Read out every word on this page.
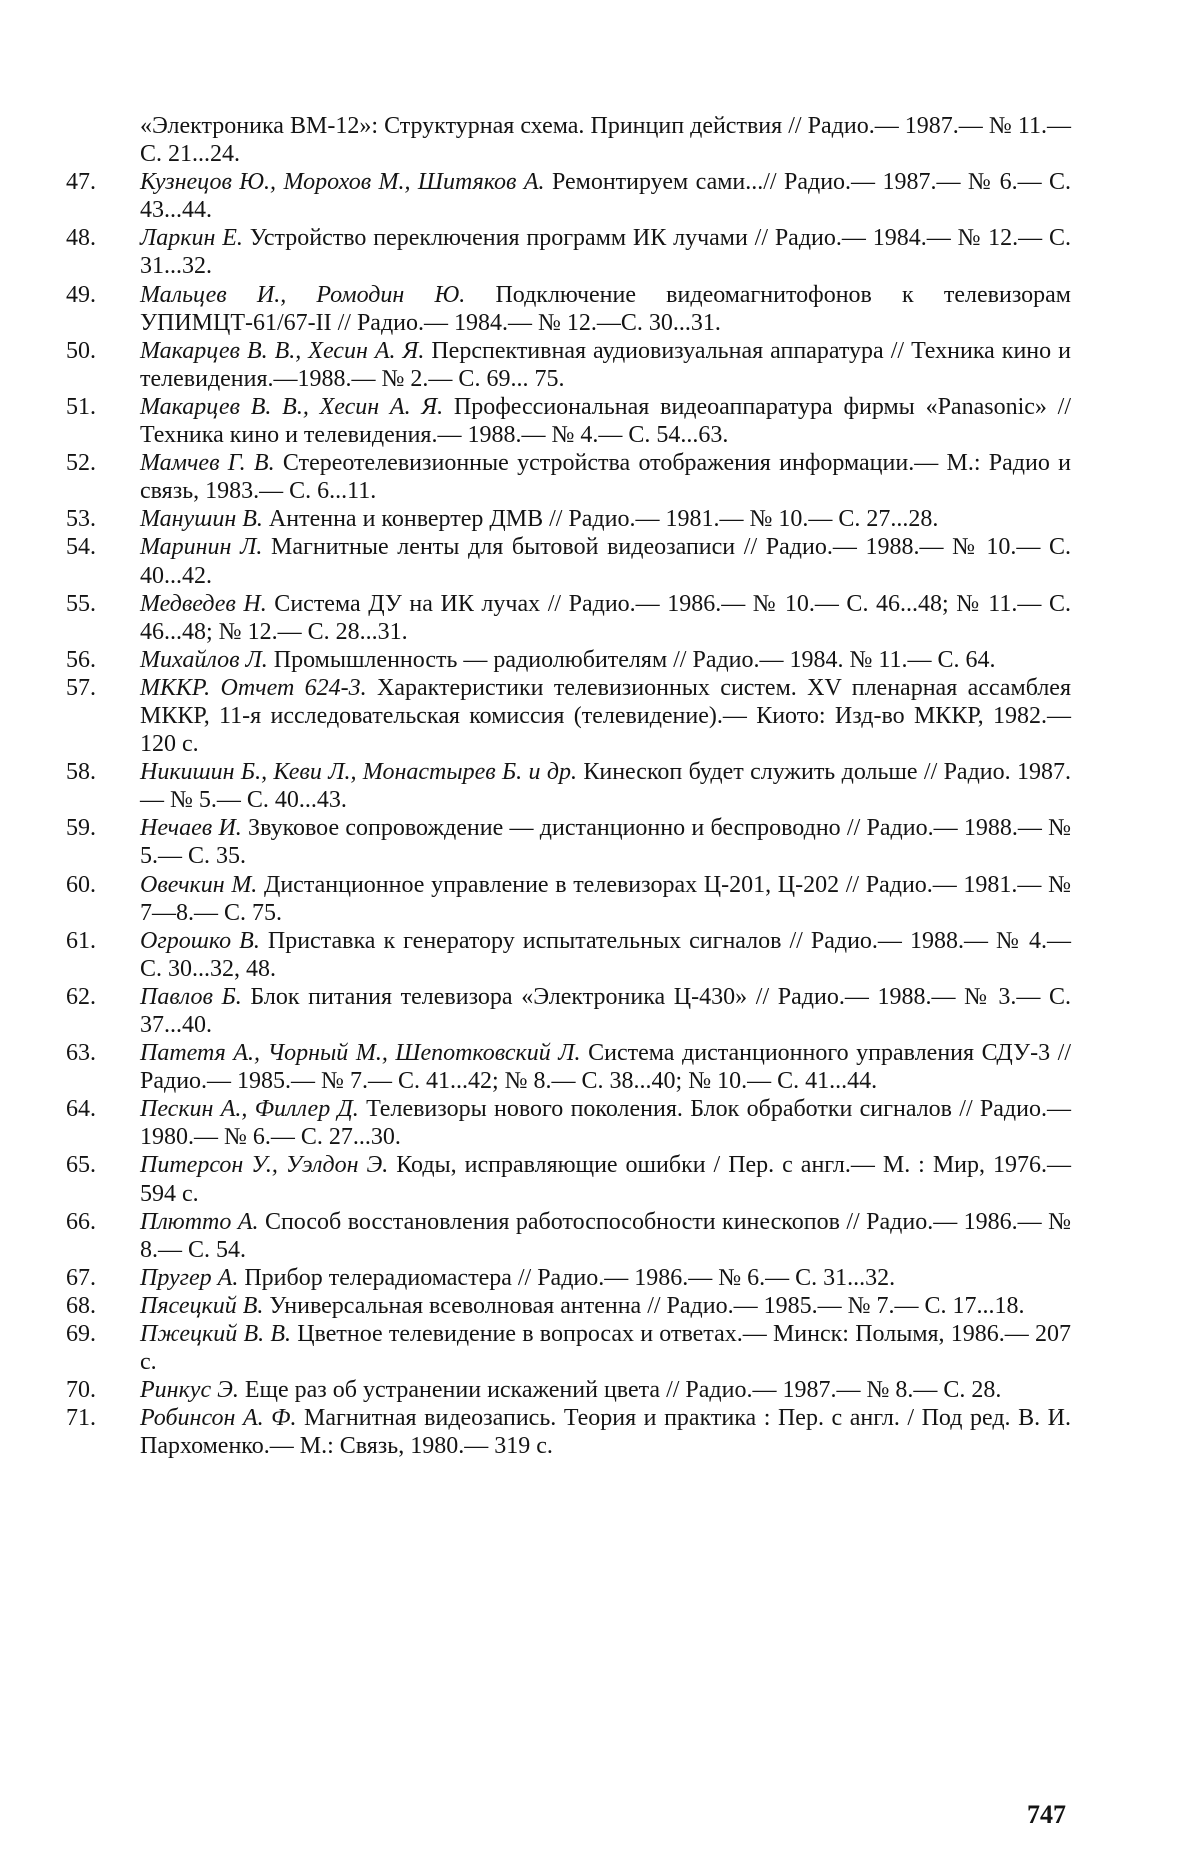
«Электроника ВМ-12»: Структурная схема. Принцип действия // Радио.— 1987.— № 11.— С. 21...24.
47.	Кузнецов Ю., Морохов М., Шитяков А. Ремонтируем сами...// Радио.— 1987.— № 6.— С. 43...44.
48.	Ларкин Е. Устройство переключения программ ИК лучами // Радио.— 1984.— № 12.— С. 31...32.
49.	Мальцев И., Ромодин Ю. Подключение видеомагнитофонов к телевизорам УПИМЦТ-61/67-II // Радио.— 1984.— № 12.—С. 30...31.
50.	Макарцев В. В., Хесин А. Я. Перспективная аудиовизуальная аппаратура // Техника кино и телевидения.—1988.— № 2.— С. 69... 75.
51.	Макарцев В. В., Хесин А. Я. Профессиональная видеоаппаратура фирмы «Panasonic» // Техника кино и телевидения.— 1988.— № 4.— С. 54...63.
52.	Мамчев Г. В. Стереотелевизионные устройства отображения информации.— М.: Радио и связь, 1983.— С. 6...11.
53.	Манушин В. Антенна и конвертер ДМВ // Радио.— 1981.— № 10.— С. 27...28.
54.	Маринин Л. Магнитные ленты для бытовой видеозаписи // Радио.— 1988.— № 10.— С. 40...42.
55.	Медведев Н. Система ДУ на ИК лучах // Радио.— 1986.— № 10.— С. 46...48; № 11.— С. 46...48; № 12.— С. 28...31.
56.	Михайлов Л. Промышленность — радиолюбителям // Радио.— 1984. № 11.— С. 64.
57.	МККР. Отчет 624-3. Характеристики телевизионных систем. XV пленарная ассамблея МККР, 11-я исследовательская комиссия (телевидение).— Киото: Изд-во МККР, 1982.— 120 с.
58.	Никишин Б., Кеви Л., Монастырев Б. и др. Кинескоп будет служить дольше // Радио. 1987.— № 5.— С. 40...43.
59.	Нечаев И. Звуковое сопровождение — дистанционно и беспроводно // Радио.— 1988.— № 5.— С. 35.
60.	Овечкин М. Дистанционное управление в телевизорах Ц-201, Ц-202 // Радио.— 1981.— № 7—8.— С. 75.
61.	Огрошко В. Приставка к генератору испытательных сигналов // Радио.— 1988.— № 4.— С. 30...32, 48.
62.	Павлов Б. Блок питания телевизора «Электроника Ц-430» // Радио.— 1988.— № 3.— С. 37...40.
63.	Патетя А., Чорный М., Шепотковский Л. Система дистанционного управления СДУ-3 // Радио.— 1985.— № 7.— С. 41...42; № 8.— С. 38...40; № 10.— С. 41...44.
64.	Пескин А., Филлер Д. Телевизоры нового поколения. Блок обработки сигналов // Радио.— 1980.— № 6.— С. 27...30.
65.	Питерсон У., Уэлдон Э. Коды, исправляющие ошибки / Пер. с англ.— М. : Мир, 1976.— 594 с.
66.	Плютто А. Способ восстановления работоспособности кинескопов // Радио.— 1986.— № 8.— С. 54.
67.	Пругер А. Прибор телерадиомастера // Радио.— 1986.— № 6.— С. 31...32.
68.	Пясецкий В. Универсальная всеволновая антенна // Радио.— 1985.— № 7.— С. 17...18.
69.	Пжецкий В. В. Цветное телевидение в вопросах и ответах.— Минск: Полымя, 1986.— 207 с.
70.	Ринкус Э. Еще раз об устранении искажений цвета // Радио.— 1987.— № 8.— С. 28.
71.	Робинсон А. Ф. Магнитная видеозапись. Теория и практика : Пер. с англ. / Под ред. В. И. Пархоменко.— М.: Связь, 1980.— 319 с.
747
